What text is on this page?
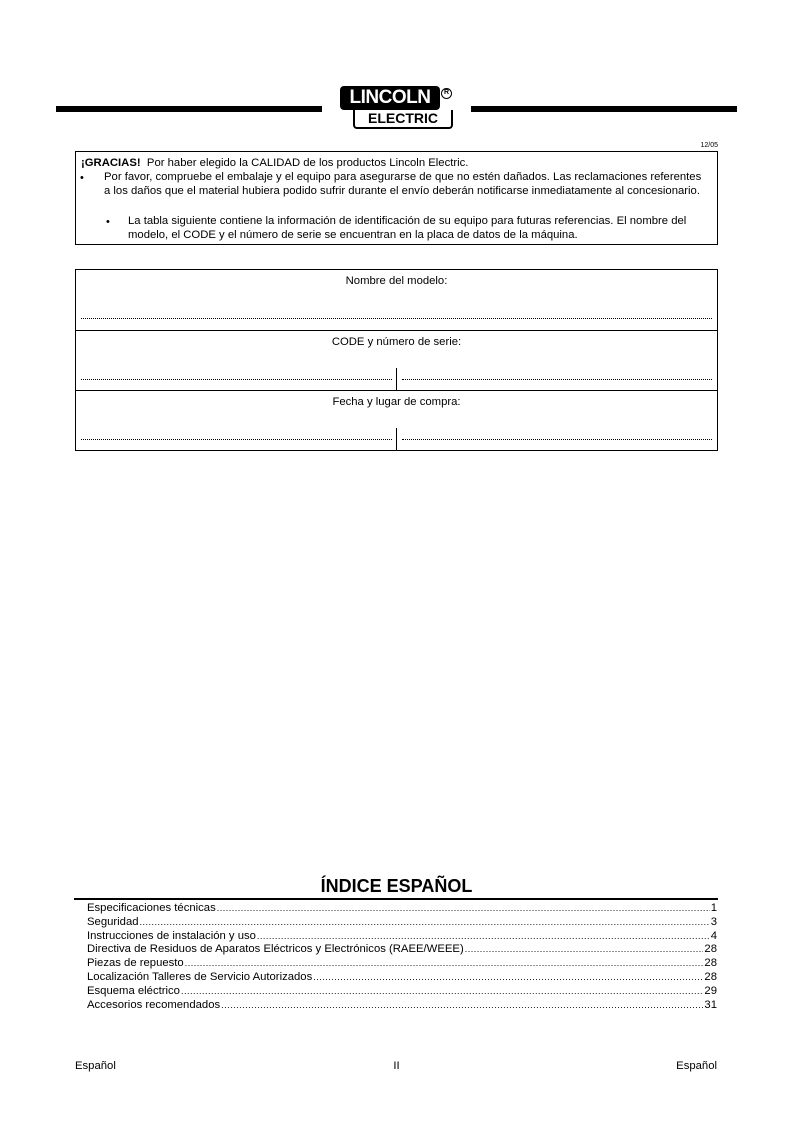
LINCOLN	R
ELECTRIC
12/05
¡GRACIAS! Por haber elegido la CALIDAD de los productos Lincoln Electric.
• Por favor, compruebe el embalaje y el equipo para asegurarse de que no estén dañados. Las reclamaciones referentes a los daños que el material hubiera podido sufrir durante el envío deberán notificarse inmediatamente al concesionario.
• La tabla siguiente contiene la información de identificación de su equipo para futuras referencias. El nombre del modelo, el CODE y el número de serie se encuentran en la placa de datos de la máquina.
Nombre del modelo:
CODE y número de serie:
Fecha y lugar de compra:
ÍNDICE ESPAÑOL
Especificaciones técnicas .....	1
Seguridad .....	3
Instrucciones de instalación y uso .....	4
Directiva de Residuos de Aparatos Eléctricos y Electrónicos (RAEE/WEEE) .....	28
Piezas de repuesto .....	28
Localización Talleres de Servicio Autorizados .....	28
Esquema eléctrico .....	29
Accesorios recomendados .....	31
Español	II	Español
